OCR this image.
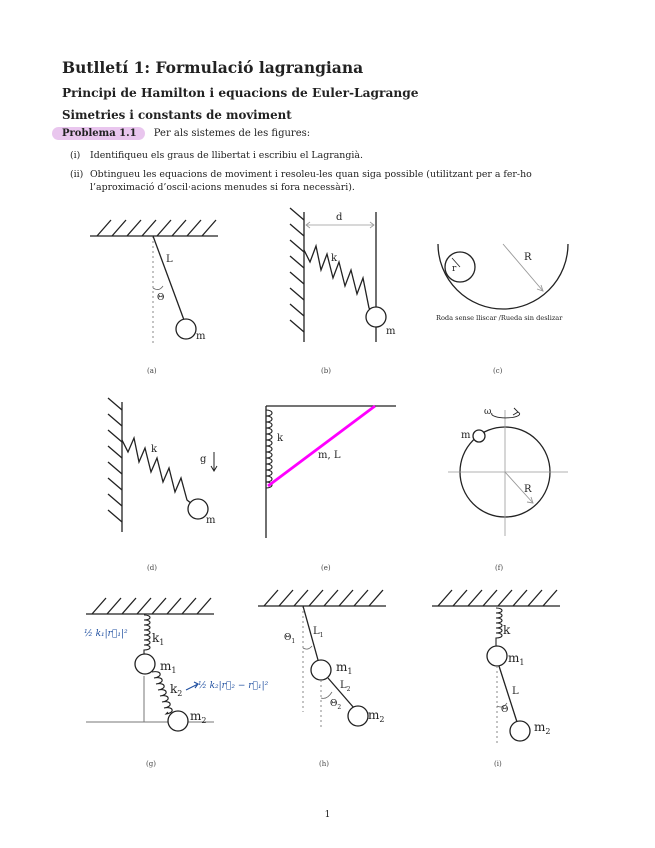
Butlletí 1: Formulació lagrangiana
Principi de Hamilton i equacions de Euler-Lagrange
Simetries i constants de moviment
Problema 1.1 Per als sistemes de les figures:
(i) Identifiqueu els graus de llibertat i escribiu el Lagrangià.
(ii) Obtingueu les equacions de moviment i resoleu-les quan siga possible (utilitzant per a fer-ho l’aproximació d’oscil·acions menudes si fora necessàri).
L
Θ
m
d
k
m
r
R
Roda sense lliscar /Rueda sin deslizar
k
g
m
k
m, L
ω
m
R
$k_1$
$m_1$
$k_2$
$m_2$
½ k₁|r⃗₁|²
½ k₂|r⃗₂ − r⃗₁|²
$\Theta_1$
$L_1$
$m_1$
$L_2$
$\Theta_2$
$m_2$
k
$m_1$
L
Θ
$m_2$
(a)	(b)	(c)
(d)	(e)	(f)
(g)	(h)	(i)
1
